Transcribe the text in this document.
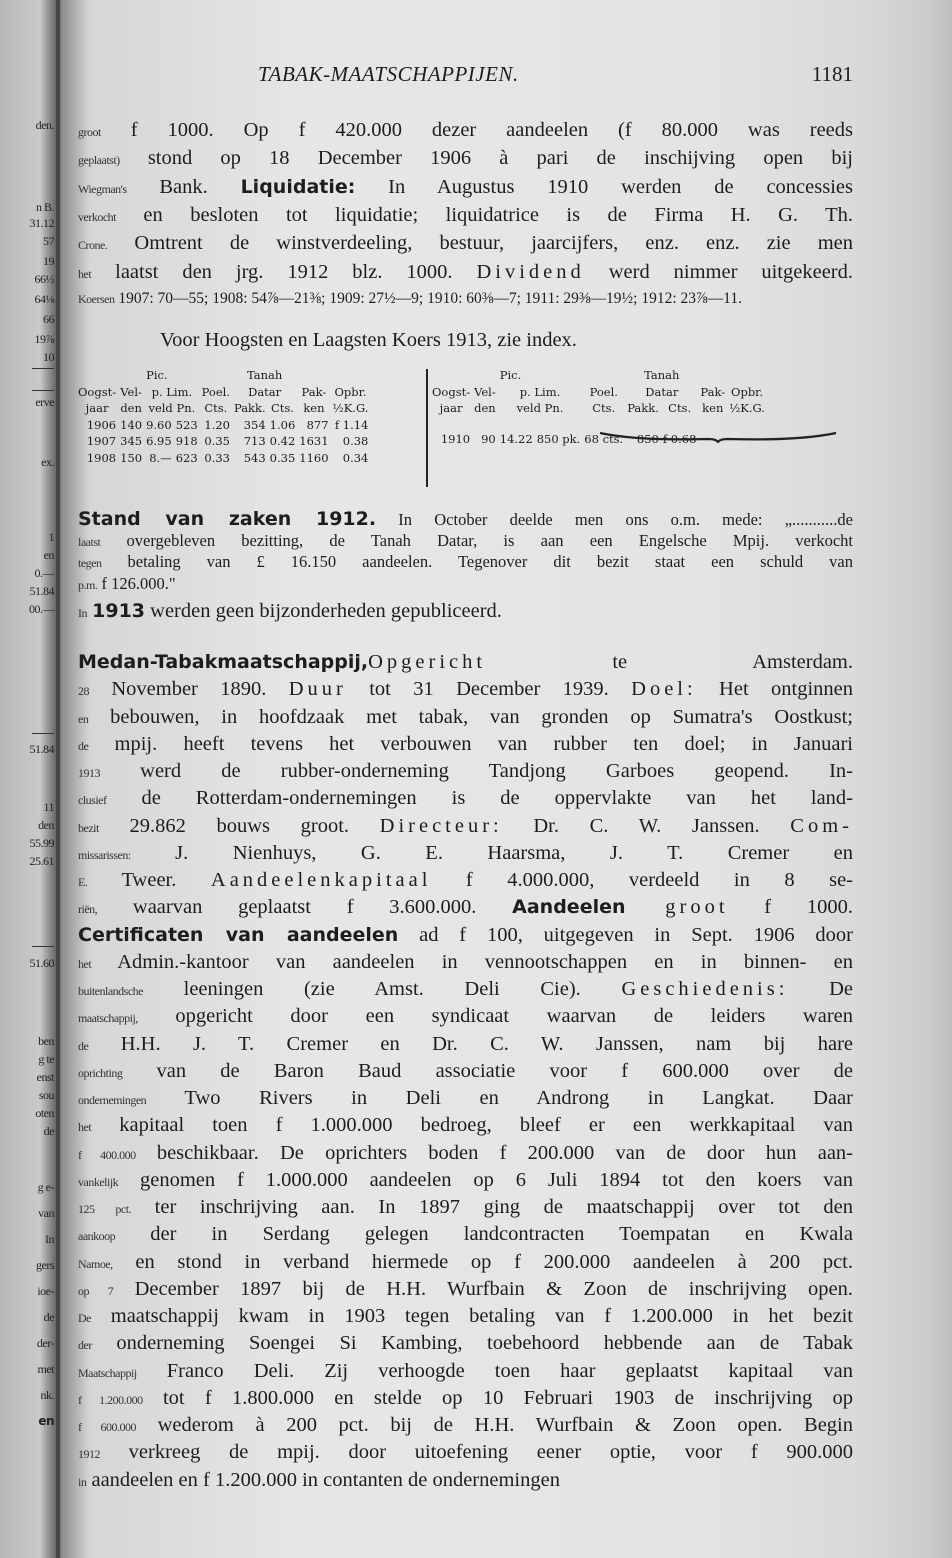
den.
n B.
31.12
57
19
66½
64⅛
66
19⅞
10
erve
ex.
1
en
0.—
51.84
00.—
51.84
11
den
55.99
25.61
51.60
ben
g te
enst
sou
oten
de
g e-
van
In
gers
ioe-
de
der-
met
nk.
en
TABAK-MAATSCHAPPIJEN.	1181
groot f 1000. Op f 420.000 dezer aandeelen (f 80.000 was reeds
geplaatst) stond op 18 December 1906 à pari de inschijving open bij
Wiegman's Bank. Liquidatie: In Augustus 1910 werden de concessies
verkocht en besloten tot liquidatie; liquidatrice is de Firma H. G. Th.
Crone. Omtrent de winstverdeeling, bestuur, jaarcijfers, enz. enz. zie men
het laatst den jrg. 1912 blz. 1000. Dividend werd nimmer uitgekeerd.
Koersen 1907: 70—55; 1908: 54⅞—21⅜; 1909: 27½—9; 1910: 60⅜—7; 1911: 29⅜—19½; 1912: 23⅞—11.
Voor Hoogsten en Laagsten Koers 1913, zie index.
		Pic.			Tanah			
Oogst-	Vel-	p. Lim.		Poel.	Datar		Pak-	Opbr.
jaar	den	veld Pn.		Cts.	Pakk.	Cts.	ken	½K.G.
1906	140	9.60	523	1.20	354	1.06	877	f 1.14
1907	345	6.95	918	0.35	713	0.42	1631	0.38
1908	150	8.—	623	0.33	543	0.35	1160	0.34
		Pic.			Tanah			
Oogst-	Vel-	p. Lim.		Poel.	Datar		Pak-	Opbr.
jaar	den	veld Pn.		Cts.	Pakk.	Cts.	ken	½K.G.

1910	90	14.22	850 pk.	68 cts.	850	f 0.68		
Stand van zaken 1912. In October deelde men ons o.m. mede: „...........de
laatst overgebleven bezitting, de Tanah Datar, is aan een Engelsche Mpij. verkocht
tegen betaling van £ 16.150 aandeelen. Tegenover dit bezit staat een schuld van
p.m. f 126.000."
In 1913 werden geen bijzonderheden gepubliceerd.
Medan-Tabakmaatschappij,Opgericht te Amsterdam.
28 November 1890. Duur tot 31 December 1939. Doel: Het ontginnen
en bebouwen, in hoofdzaak met tabak, van gronden op Sumatra's Oostkust;
de mpij. heeft tevens het verbouwen van rubber ten doel; in Januari
1913 werd de rubber-onderneming Tandjong Garboes geopend. In-
clusief de Rotterdam-ondernemingen is de oppervlakte van het land-
bezit 29.862 bouws groot. Directeur: Dr. C. W. Janssen. Com-
missarissen: J. Nienhuys, G. E. Haarsma, J. T. Cremer en
E. Tweer. Aandeelenkapitaal f 4.000.000, verdeeld in 8 se-
riën, waarvan geplaatst f 3.600.000. Aandeelen groot f 1000.
Certificaten van aandeelen ad f 100, uitgegeven in Sept. 1906 door
het Admin.-kantoor van aandeelen in vennootschappen en in binnen- en
buitenlandsche leeningen (zie Amst. Deli Cie). Geschiedenis: De
maatschappij, opgericht door een syndicaat waarvan de leiders waren
de H.H. J. T. Cremer en Dr. C. W. Janssen, nam bij hare
oprichting van de Baron Baud associatie voor f 600.000 over de
ondernemingen Two Rivers in Deli en Androng in Langkat. Daar
het kapitaal toen f 1.000.000 bedroeg, bleef er een werkkapitaal van
f 400.000 beschikbaar. De oprichters boden f 200.000 van de door hun aan-
vankelijk genomen f 1.000.000 aandeelen op 6 Juli 1894 tot den koers van
125 pct. ter inschrijving aan. In 1897 ging de maatschappij over tot den
aankoop der in Serdang gelegen landcontracten Toempatan en Kwala
Namoe, en stond in verband hiermede op f 200.000 aandeelen à 200 pct.
op 7 December 1897 bij de H.H. Wurfbain & Zoon de inschrijving open.
De maatschappij kwam in 1903 tegen betaling van f 1.200.000 in het bezit
der onderneming Soengei Si Kambing, toebehoord hebbende aan de Tabak
Maatschappij Franco Deli. Zij verhoogde toen haar geplaatst kapitaal van
f 1.200.000 tot f 1.800.000 en stelde op 10 Februari 1903 de inschrijving op
f 600.000 wederom à 200 pct. bij de H.H. Wurfbain & Zoon open. Begin
1912 verkreeg de mpij. door uitoefening eener optie, voor f 900.000
in aandeelen en f 1.200.000 in contanten de ondernemingen
